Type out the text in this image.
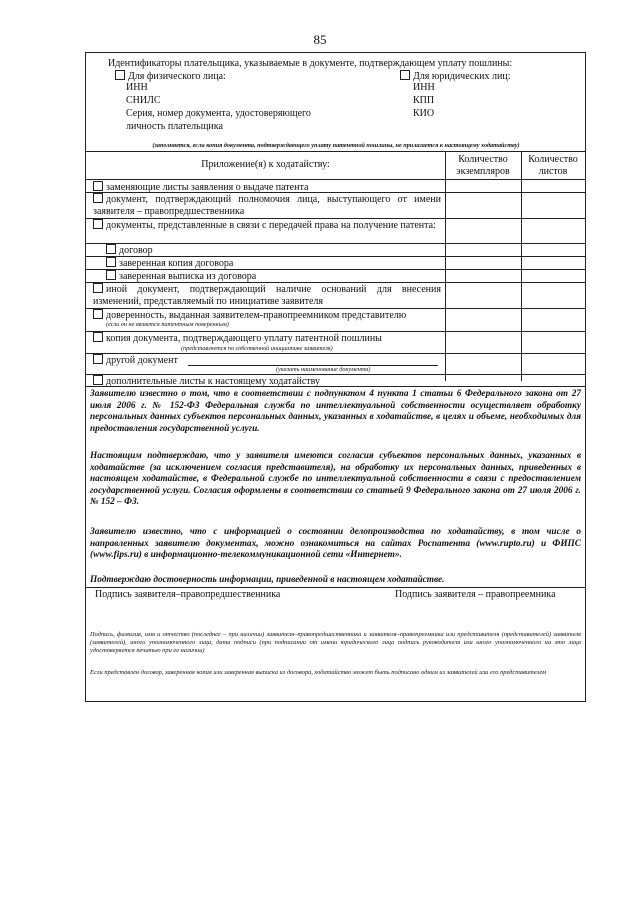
85
Идентификаторы плательщика, указываемые в документе, подтверждающем уплату пошлины:
Для физического лица:
ИНН
СНИЛС
Серия, номер документа, удостоверяющего
личность плательщика
Для юридических лиц:
ИНН
КПП
КИО
(заполняется, если копия документа, подтверждающего уплату патентной пошлины, не прилагается к настоящему ходатайству)
Приложение(я) к ходатайству:	Количество экземпляров
Количество листов
заменяющие листы заявления о выдаче патента
документ, подтверждающий полномочия лица, выступающего от имени заявителя – правопредшественника
документы, представленные в связи с передачей права на получение патента:
договор
заверенная копия договора
заверенная выписка из договора
иной документ, подтверждающий наличие оснований для внесения изменений, представляемый по инициативе заявителя
доверенность, выданная заявителем-правопреемником представителю
(если он не является патентным поверенным)
копия документа, подтверждающего уплату патентной пошлины
(представляется по собственной инициативе заявителя)
другой документ
(указать наименование документа)
дополнительные листы к настоящему ходатайству
Заявителю известно о том, что в соответствии с подпунктом 4 пункта 1 статьи 6 Федерального закона от 27 июля 2006 г. № 152-ФЗ Федеральная служба по интеллектуальной собственности осуществляет обработку персональных данных субъектов персональных данных, указанных в ходатайстве, в целях и объеме, необходимых для предоставления государственной услуги.
Настоящим подтверждаю, что у заявителя имеются согласия субъектов персональных данных, указанных в ходатайстве (за исключением согласия представителя), на обработку их персональных данных, приведенных в настоящем ходатайстве, в Федеральной службе по интеллектуальной собственности в связи с предоставлением государственной услуги. Согласия оформлены в соответствии со статьей 9 Федерального закона от 27 июля 2006 г. № 152 – ФЗ.
Заявителю известно, что с информацией о состоянии делопроизводства по ходатайству, в том числе о направленных заявителю документах, можно ознакомиться на сайтах Роспатента (www.rupto.ru) и ФИПС (www.fips.ru) в информационно-телекоммуникационной сети «Интернет».
Подтверждаю достоверность информации, приведенной в настоящем ходатайстве.
Подпись заявителя–правопредшественника	Подпись заявителя – правопреемника
Подпись, фамилия, имя и отчество (последнее – при наличии) заявителя–правопредшественника и заявителя–правопреемника или представителя (представителей) заявителя (заявителей), иного уполномоченного лица, дата подписи (при подписании от имени юридического лица подпись руководителя или иного уполномоченного на это лица удостоверяется печатью при ее наличии)
Если представлен договор, заверенная копия или заверенная выписка из договора, ходатайство может быть подписано одним из заявителей или его представителем
